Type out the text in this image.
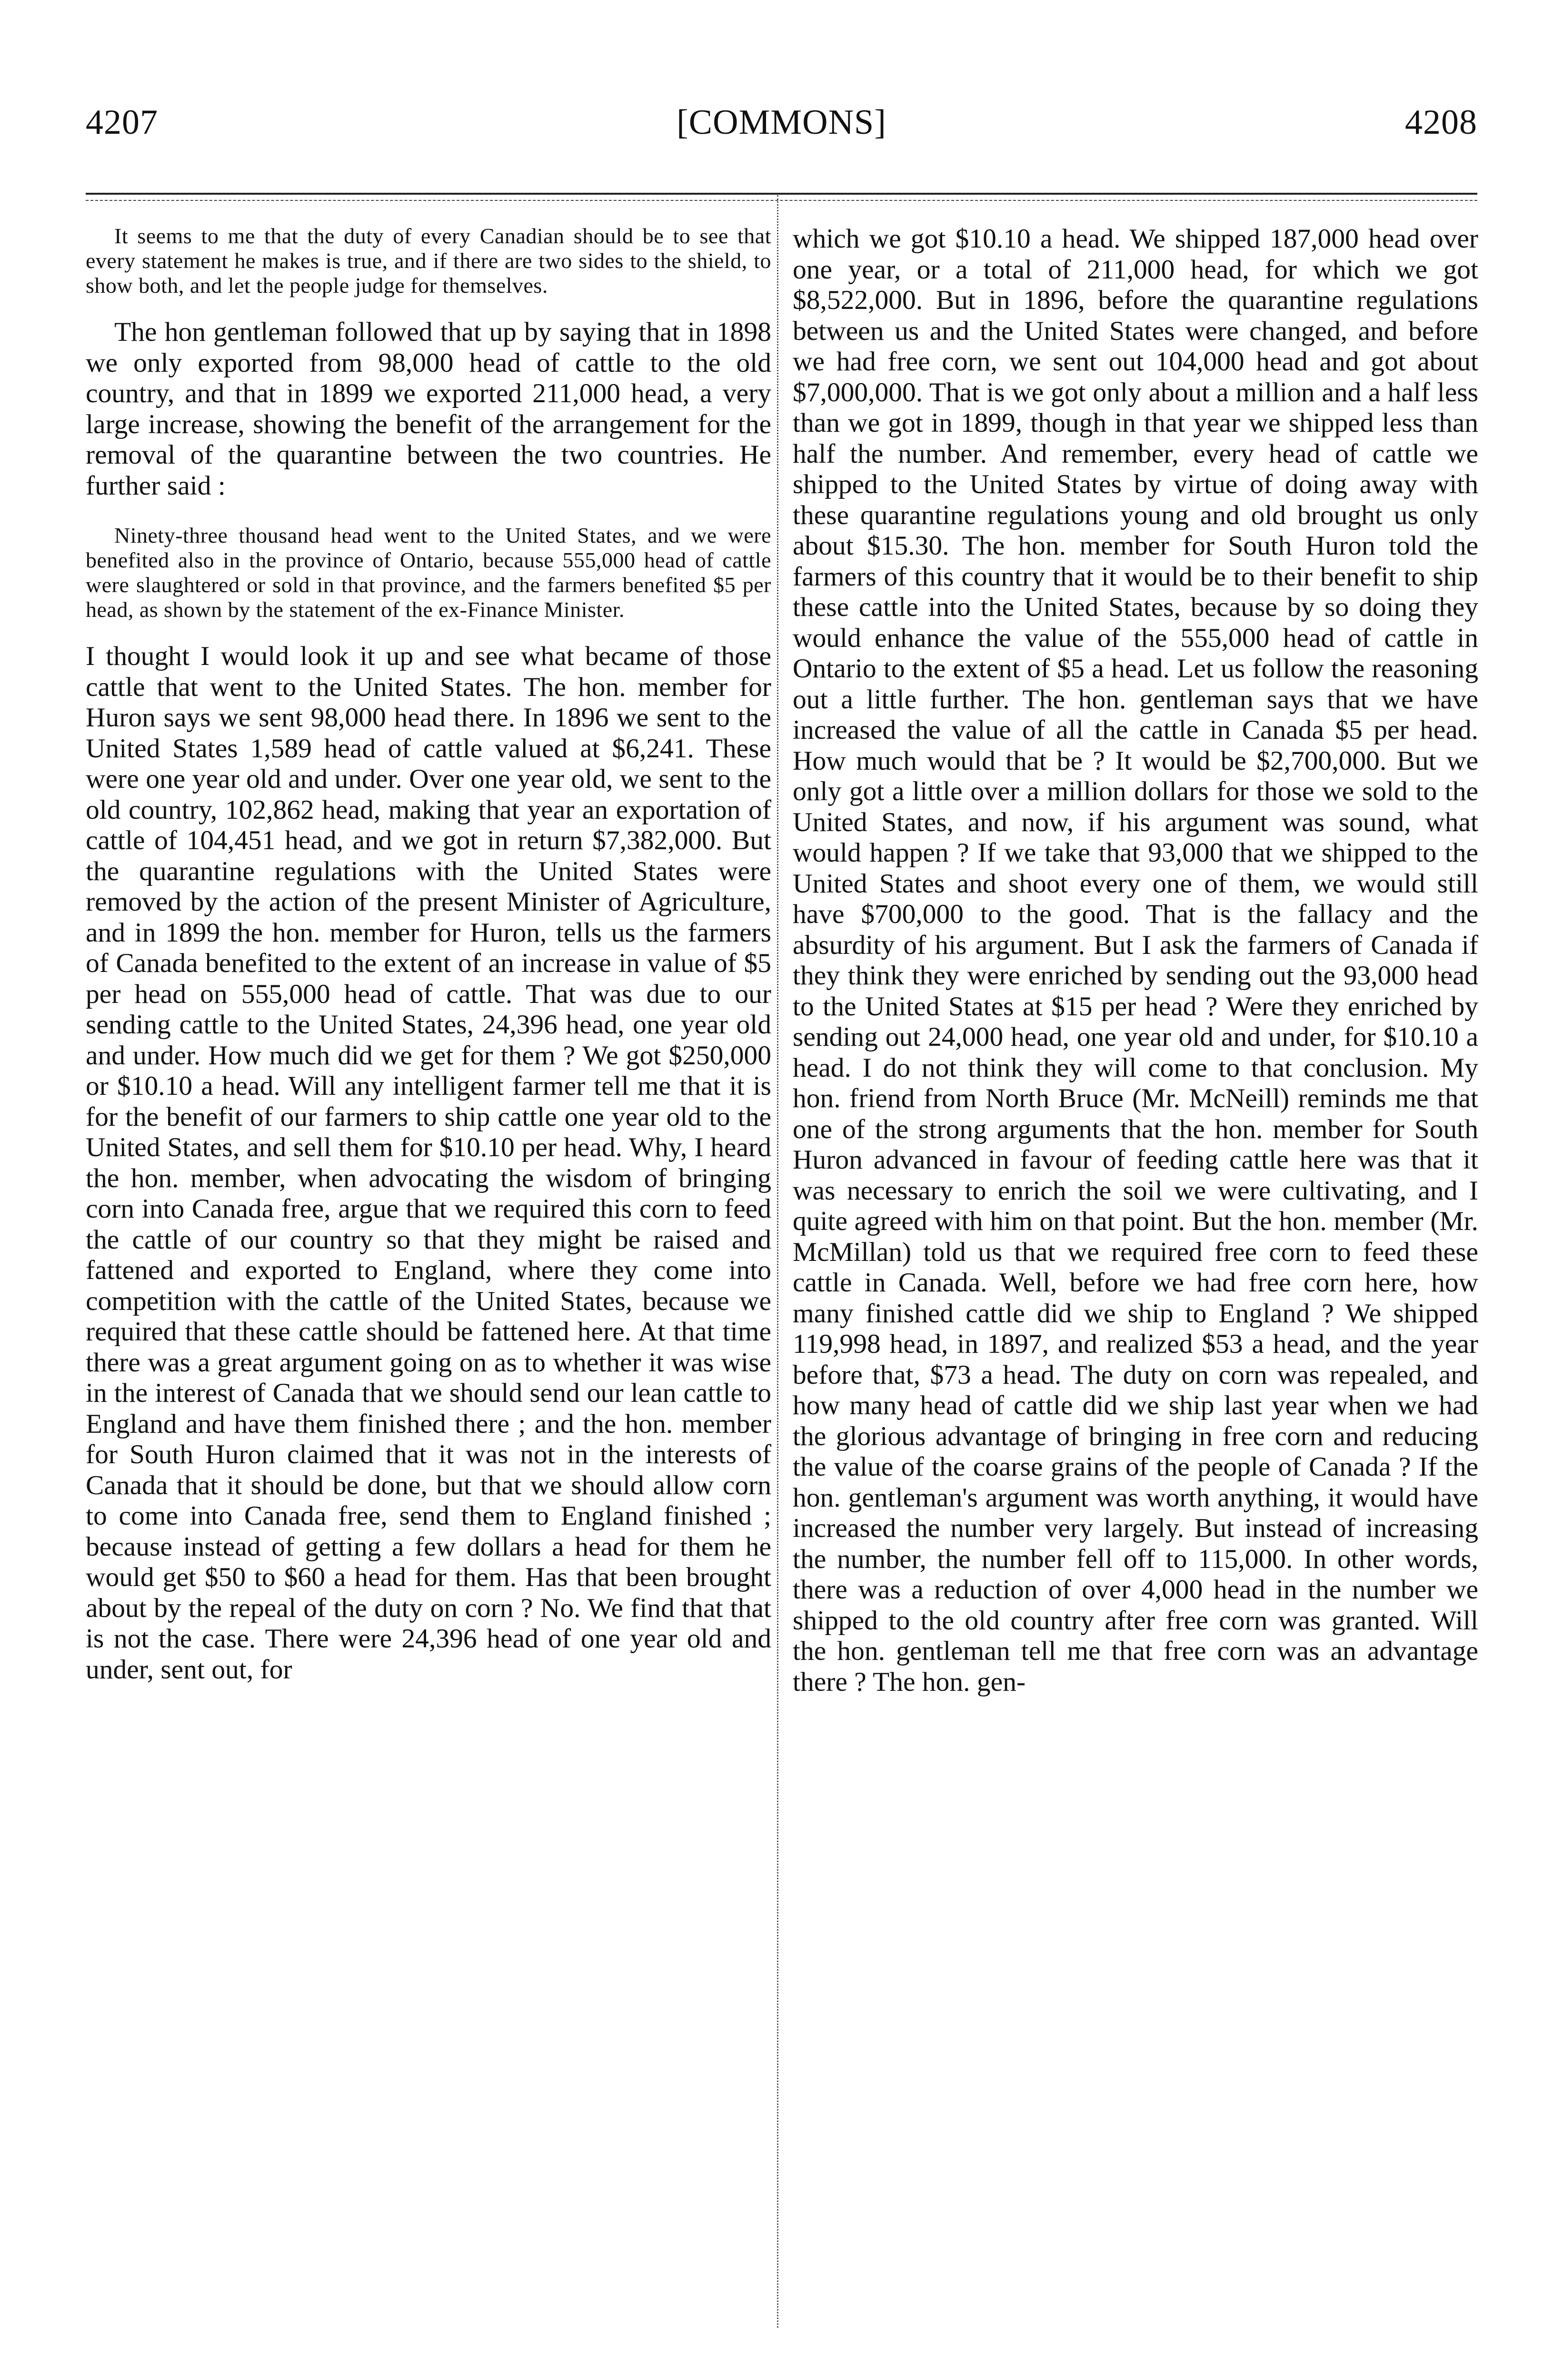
4207	[COMMONS]	4208

It seems to me that the duty of every Canadian should be to see that every statement he makes is true, and if there are two sides to the shield, to show both, and let the people judge for themselves.

The hon gentleman followed that up by saying that in 1898 we only exported from 98,000 head of cattle to the old country, and that in 1899 we exported 211,000 head, a very large increase, showing the benefit of the arrangement for the removal of the quarantine between the two countries. He further said :

Ninety-three thousand head went to the United States, and we were benefited also in the province of Ontario, because 555,000 head of cattle were slaughtered or sold in that province, and the farmers benefited $5 per head, as shown by the statement of the ex-Finance Minister.

I thought I would look it up and see what became of those cattle that went to the United States. The hon. member for Huron says we sent 98,000 head there. In 1896 we sent to the United States 1,589 head of cattle valued at $6,241. These were one year old and under. Over one year old, we sent to the old country, 102,862 head, making that year an exportation of cattle of 104,451 head, and we got in return $7,382,000. But the quarantine regulations with the United States were removed by the action of the present Minister of Agriculture, and in 1899 the hon. member for Huron, tells us the farmers of Canada benefited to the extent of an increase in value of $5 per head on 555,000 head of cattle. That was due to our sending cattle to the United States, 24,396 head, one year old and under. How much did we get for them ? We got $250,000 or $10.10 a head. Will any intelligent farmer tell me that it is for the benefit of our farmers to ship cattle one year old to the United States, and sell them for $10.10 per head. Why, I heard the hon. member, when advocating the wisdom of bringing corn into Canada free, argue that we required this corn to feed the cattle of our country so that they might be raised and fattened and exported to England, where they come into competition with the cattle of the United States, because we required that these cattle should be fattened here. At that time there was a great argument going on as to whether it was wise in the interest of Canada that we should send our lean cattle to England and have them finished there ; and the hon. member for South Huron claimed that it was not in the interests of Canada that it should be done, but that we should allow corn to come into Canada free, send them to England finished ; because instead of getting a few dollars a head for them he would get $50 to $60 a head for them. Has that been brought about by the repeal of the duty on corn ? No. We find that that is not the case. There were 24,396 head of one year old and under, sent out, for

which we got $10.10 a head. We shipped 187,000 head over one year, or a total of 211,000 head, for which we got $8,522,000. But in 1896, before the quarantine regulations between us and the United States were changed, and before we had free corn, we sent out 104,000 head and got about $7,000,000. That is we got only about a million and a half less than we got in 1899, though in that year we shipped less than half the number. And remember, every head of cattle we shipped to the United States by virtue of doing away with these quarantine regulations young and old brought us only about $15.30. The hon. member for South Huron told the farmers of this country that it would be to their benefit to ship these cattle into the United States, because by so doing they would enhance the value of the 555,000 head of cattle in Ontario to the extent of $5 a head. Let us follow the reasoning out a little further. The hon. gentleman says that we have increased the value of all the cattle in Canada $5 per head. How much would that be ? It would be $2,700,000. But we only got a little over a million dollars for those we sold to the United States, and now, if his argument was sound, what would happen ? If we take that 93,000 that we shipped to the United States and shoot every one of them, we would still have $700,000 to the good. That is the fallacy and the absurdity of his argument. But I ask the farmers of Canada if they think they were enriched by sending out the 93,000 head to the United States at $15 per head ? Were they enriched by sending out 24,000 head, one year old and under, for $10.10 a head. I do not think they will come to that conclusion. My hon. friend from North Bruce (Mr. McNeill) reminds me that one of the strong arguments that the hon. member for South Huron advanced in favour of feeding cattle here was that it was necessary to enrich the soil we were cultivating, and I quite agreed with him on that point. But the hon. member (Mr. McMillan) told us that we required free corn to feed these cattle in Canada. Well, before we had free corn here, how many finished cattle did we ship to England ? We shipped 119,998 head, in 1897, and realized $53 a head, and the year before that, $73 a head. The duty on corn was repealed, and how many head of cattle did we ship last year when we had the glorious advantage of bringing in free corn and reducing the value of the coarse grains of the people of Canada ? If the hon. gentleman's argument was worth anything, it would have increased the number very largely. But instead of increasing the number, the number fell off to 115,000. In other words, there was a reduction of over 4,000 head in the number we shipped to the old country after free corn was granted. Will the hon. gentleman tell me that free corn was an advantage there ? The hon. gen-
